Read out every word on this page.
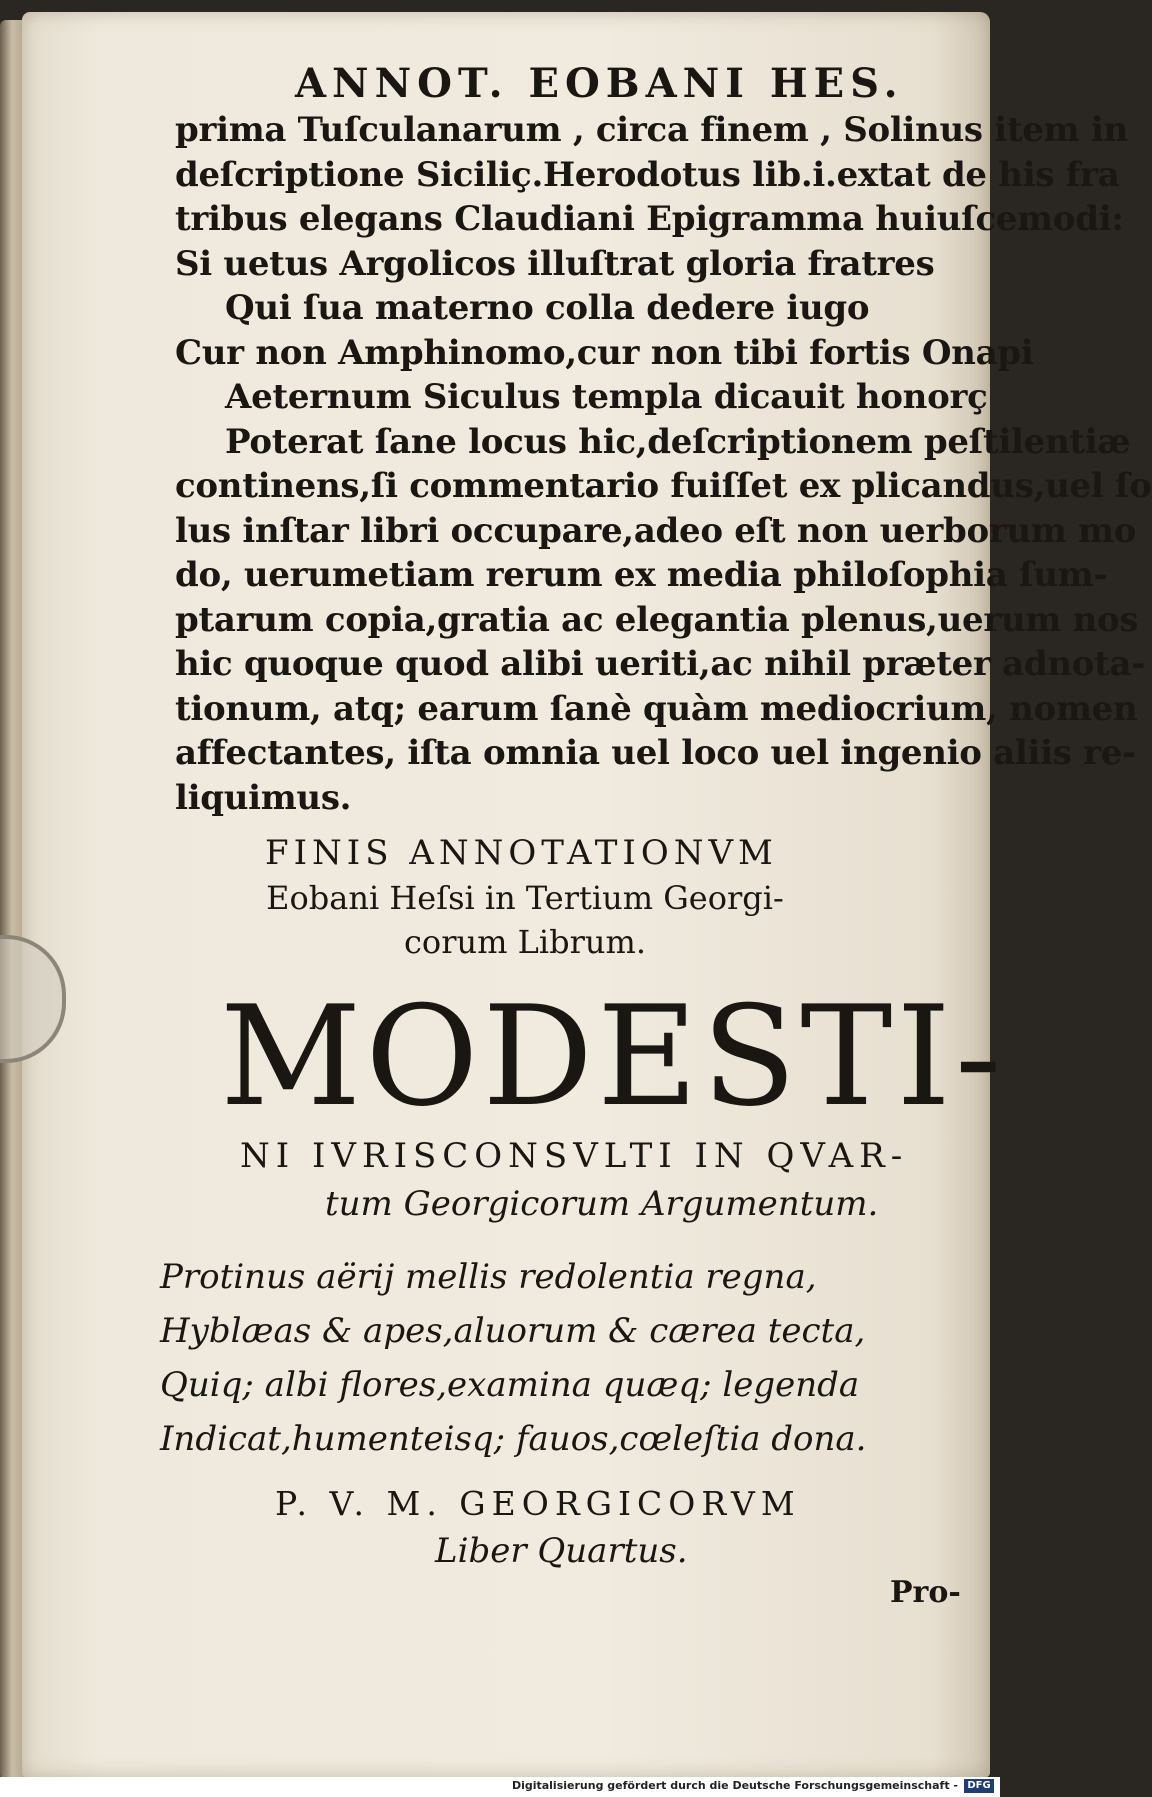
ANNOT. EOBANI HES.
prima Tuſculanarum , circa finem , Solinus item in
deſcriptione Siciliç.Herodotus lib.i.extat de his fra
tribus elegans Claudiani Epigramma huiuſcemodi:
Si uetus Argolicos illuſtrat gloria fratres
Qui ſua materno colla dedere iugo
Cur non Amphinomo,cur non tibi fortis Onapi
Aeternum Siculus templa dicauit honorç
Poterat ſane locus hic,deſcriptionem peſtilentiæ
continens,ſi commentario fuiſſet ex plicandus,uel ſo
lus inſtar libri occupare,adeo eſt non uerborum mo
do, uerumetiam rerum ex media philoſophia ſum-
ptarum copia,gratia ac elegantia plenus,uerum nos
hic quoque quod alibi ueriti,ac nihil præter adnota-
tionum, atq; earum ſanè quàm mediocrium, nomen
affectantes, iſta omnia uel loco uel ingenio aliis re-
liquimus.
FINIS ANNOTATIONVM
Eobani Heſsi in Tertium Georgi-
corum Librum.
MODESTI-
NI IVRISCONSVLTI IN QVAR-
tum Georgicorum Argumentum.
Protinus aërij mellis redolentia regna,
Hyblæas & apes,aluorum & cærea tecta,
Quiq; albi flores,examina quæq; legenda
Indicat,humenteisq; fauos,cœleſtia dona.
P. V. M. GEORGICORVM
Liber Quartus.
Pro-
Digitalisierung gefördert durch die Deutsche Forschungsgemeinschaft - DFG
